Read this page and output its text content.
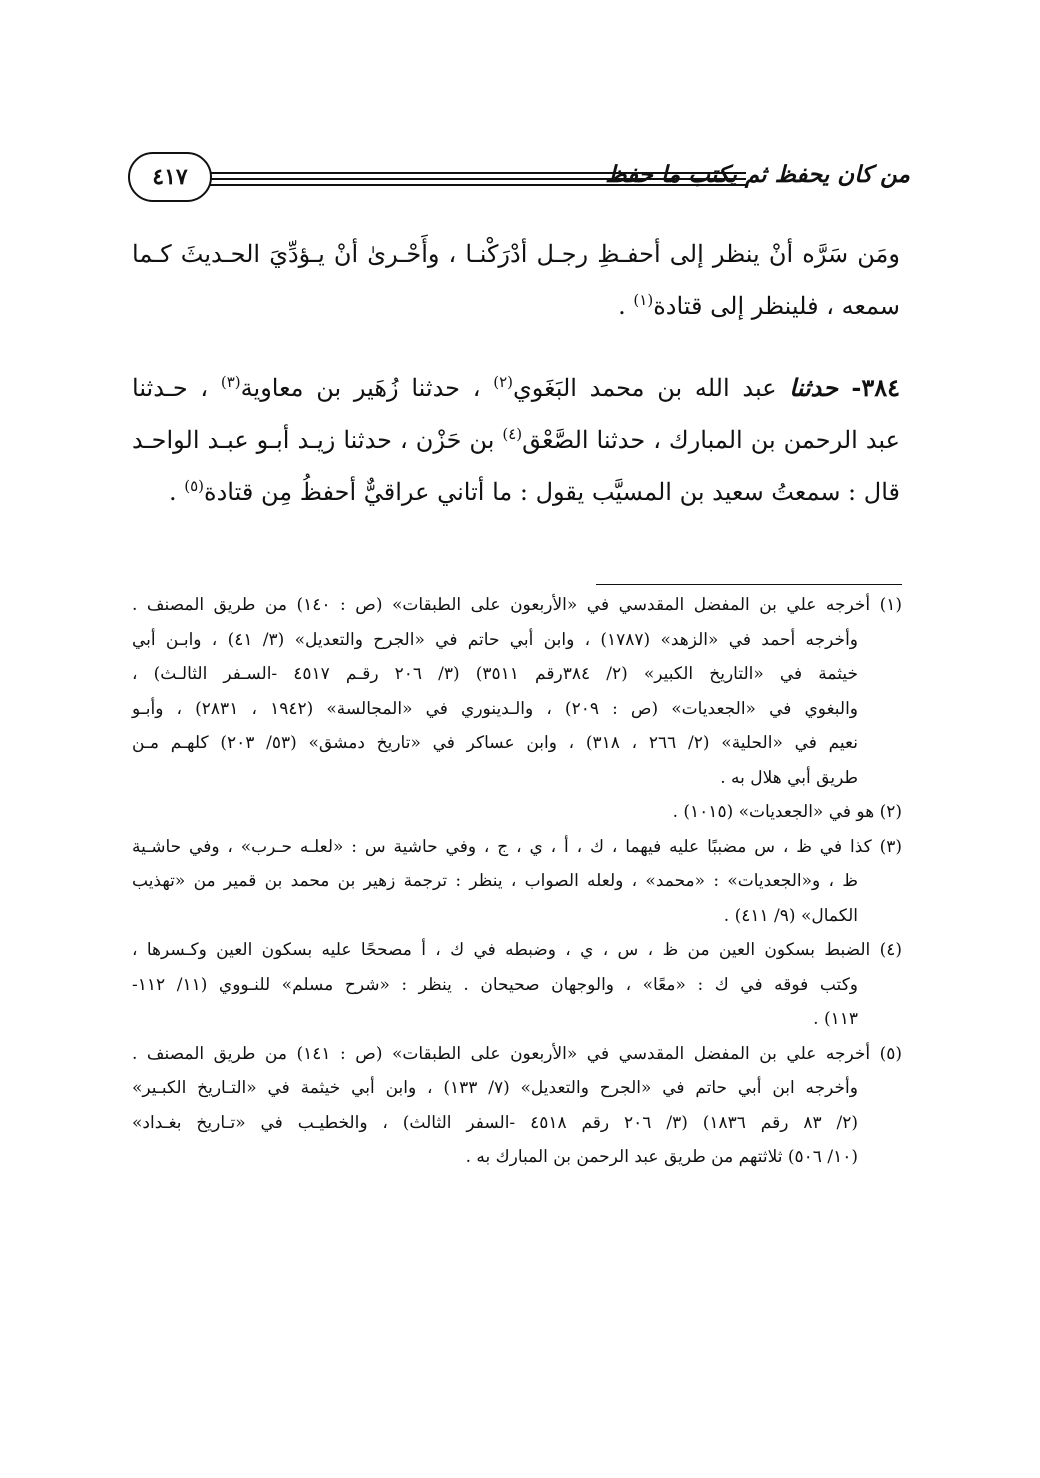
٤١٧	من كان يحفظ ثم يكتب ما حفظ
ومَن سَرَّه أنْ ينظر إلى أحفـظِ رجـل أدْرَكْنـا ، وأَحْـرىٰ أنْ يـؤدِّيَ الحـديثَ كـما
سمعه ، فلينظر إلى قتادة$^{(١)}$ .
٣٨٤- حدثنا عبد الله بن محمد البَغَوي$^{(٢)}$ ، حدثنا زُهَير بن معاوية$^{(٣)}$ ، حـدثنا
عبد الرحمن بن المبارك ، حدثنا الصَّعْق$^{(٤)}$ بن حَزْن ، حدثنا زيـد أبـو عبـد الواحـد
قال : سمعتُ سعيد بن المسيَّب يقول : ما أتاني عراقيٌّ أحفظُ مِن قتادة$^{(٥)}$ .
(١) أخرجه علي بن المفضل المقدسي في «الأربعون على الطبقات» (ص : ١٤٠) من طريق المصنف .
وأخرجه أحمد في «الزهد» (١٧٨٧) ، وابن أبي حاتم في «الجرح والتعديل» (٣/ ٤١) ، وابـن أبي
خيثمة في «التاريخ الكبير» (٢/ ٣٨٤رقم ٣٥١١) (٣/ ٢٠٦ رقـم ٤٥١٧ -السـفر الثالـث) ،
والبغوي في «الجعديات» (ص : ٢٠٩) ، والـدينوري في «المجالسة» (١٩٤٢ ، ٢٨٣١) ، وأبـو
نعيم في «الحلية» (٢/ ٢٦٦ ، ٣١٨) ، وابن عساكر في «تاريخ دمشق» (٥٣/ ٢٠٣) كلهـم مـن
طريق أبي هلال به .
(٢) هو في «الجعديات» (١٠١٥) .
(٣) كذا في ظ ، س مضببًا عليه فيهما ، ك ، أ ، ي ، ج ، وفي حاشية س : «لعلـه حـرب» ، وفي حاشـية
ظ ، و«الجعديات» : «محمد» ، ولعله الصواب ، ينظر : ترجمة زهير بن محمد بن قمير من «تهذيب
الكمال» (٩/ ٤١١) .
(٤) الضبط بسكون العين من ظ ، س ، ي ، وضبطه في ك ، أ مصححًا عليه بسكون العين وكـسرها ،
وكتب فوقه في ك : «معًا» ، والوجهان صحيحان . ينظر : «شرح مسلم» للنـووي (١١/ ١١٢-
١١٣) .
(٥) أخرجه علي بن المفضل المقدسي في «الأربعون على الطبقات» (ص : ١٤١) من طريق المصنف .
وأخرجه ابن أبي حاتم في «الجرح والتعديل» (٧/ ١٣٣) ، وابن أبي خيثمة في «التـاريخ الكبـير»
(٢/ ٨٣ رقم ١٨٣٦) (٣/ ٢٠٦ رقم ٤٥١٨ -السفر الثالث) ، والخطيـب في «تـاريخ بغـداد»
(١٠/ ٥٠٦) ثلاثتهم من طريق عبد الرحمن بن المبارك به .
